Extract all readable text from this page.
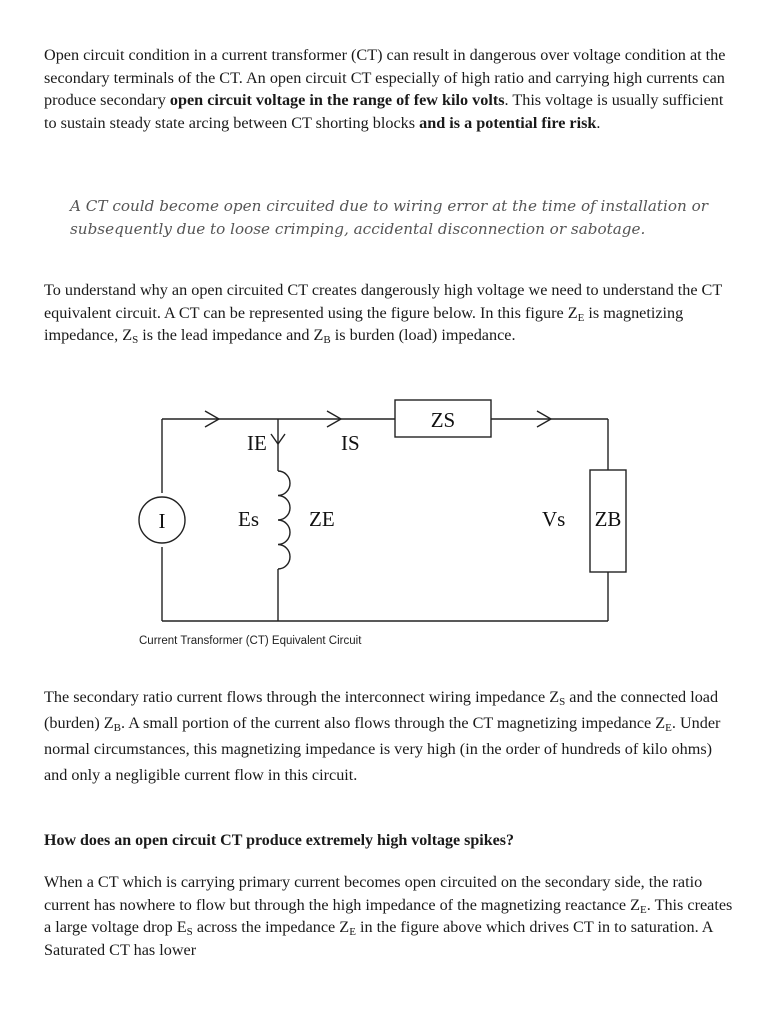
Open circuit condition in a current transformer (CT) can result in dangerous over voltage condition at the secondary terminals of the CT. An open circuit CT especially of high ratio and carrying high currents can produce secondary open circuit voltage in the range of few kilo volts. This voltage is usually sufficient to sustain steady state arcing between CT shorting blocks and is a potential fire risk.

A CT could become open circuited due to wiring error at the time of installation or subsequently due to loose crimping, accidental disconnection or sabotage.

To understand why an open circuited CT creates dangerously high voltage we need to understand the CT equivalent circuit. A CT can be represented using the figure below. In this figure $Z_E$ is magnetizing impedance, $Z_S$ is the lead impedance and $Z_B$ is burden (load) impedance.

I
IE	IS
ZS
Es ZE	Vs ZB

Current Transformer (CT) Equivalent Circuit

The secondary ratio current flows through the interconnect wiring impedance $Z_S$ and the connected load (burden) $Z_B$. A small portion of the current also flows through the CT magnetizing impedance $Z_E$. Under normal circumstances, this magnetizing impedance is very high (in the order of hundreds of kilo ohms) and only a negligible current flow in this circuit.

How does an open circuit CT produce extremely high voltage spikes?

When a CT which is carrying primary current becomes open circuited on the secondary side, the ratio current has nowhere to flow but through the high impedance of the magnetizing reactance $Z_E$. This creates a large voltage drop $E_S$ across the impedance $Z_E$ in the figure above which drives CT in to saturation. A Saturated CT has lower
